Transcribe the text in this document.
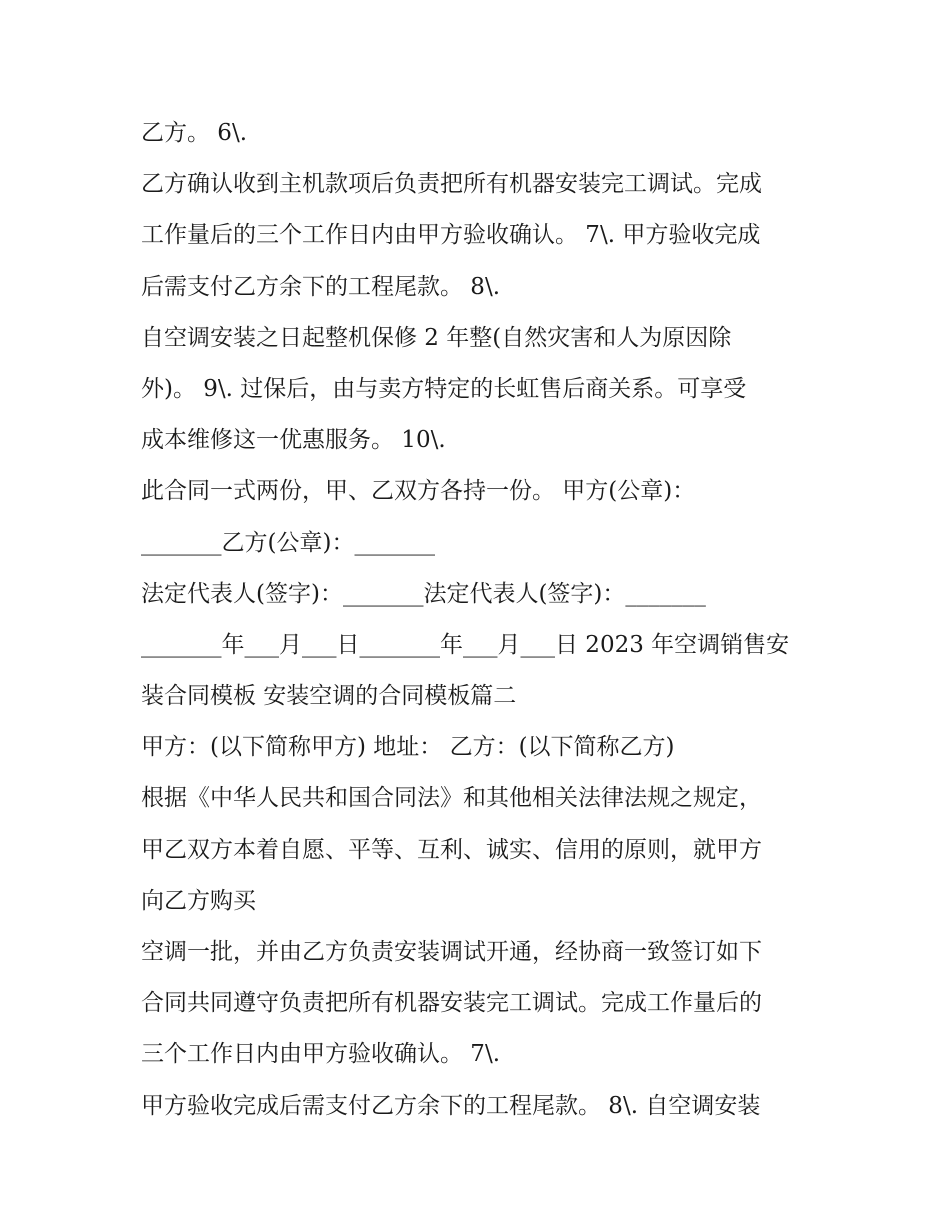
乙方。 6\.
乙方确认收到主机款项后负责把所有机器安装完工调试。完成
工作量后的三个工作日内由甲方验收确认。 7\. 甲方验收完成
后需支付乙方余下的工程尾款。 8\.
自空调安装之日起整机保修 2 年整(自然灾害和人为原因除
外)。 9\. 过保后，由与卖方特定的长虹售后商关系。可享受
成本维修这一优惠服务。 10\.
此合同一式两份，甲、乙双方各持一份。 甲方(公章)：
_______乙方(公章)：_______
法定代表人(签字)：_______法定代表人(签字)：_______
_______年___月___日_______年___月___日 2023 年空调销售安
装合同模板 安装空调的合同模板篇二
甲方：(以下简称甲方) 地址： 乙方：(以下简称乙方)
根据《中华人民共和国合同法》和其他相关法律法规之规定，
甲乙双方本着自愿、平等、互利、诚实、信用的原则，就甲方
向乙方购买
空调一批，并由乙方负责安装调试开通，经协商一致签订如下
合同共同遵守负责把所有机器安装完工调试。完成工作量后的
三个工作日内由甲方验收确认。 7\.
甲方验收完成后需支付乙方余下的工程尾款。 8\. 自空调安装
